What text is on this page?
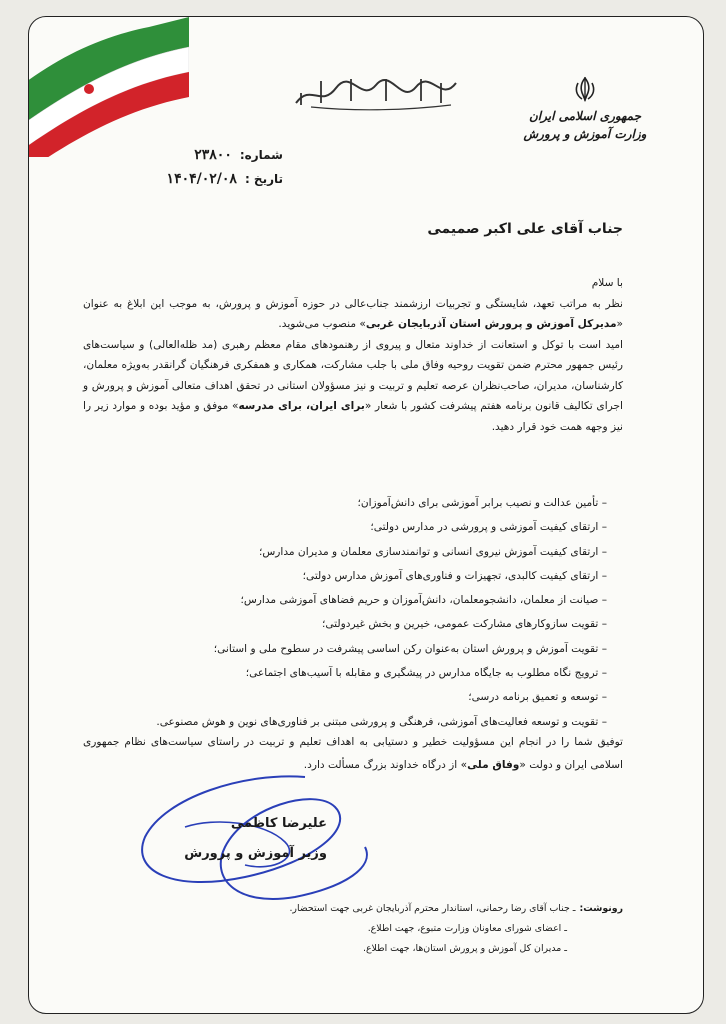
جمهوری اسلامی ایران
وزارت آموزش و پرورش
شماره:
۲۳۸۰۰
تاریخ :
۱۴۰۴/۰۲/۰۸
جناب آقای علی اکبر صمیمی

با سلام

نظر به مراتب تعهد، شایستگی و تجربیات ارزشمند جناب‌عالی در حوزه آموزش و پرورش، به موجب این ابلاغ به عنوان «مدیرکل آموزش و پرورش استان آذربایجان غربی» منصوب می‌شوید.

امید است با توکل و استعانت از خداوند متعال و پیروی از رهنمودهای مقام معظم رهبری (مد ظله‌العالی) و سیاست‌های رئیس جمهور محترم ضمن تقویت روحیه وفاق ملی با جلب مشارکت، همکاری و همفکری فرهنگیان گرانقدر به‌ویژه معلمان، کارشناسان، مدیران، صاحب‌نظران عرصه تعلیم و تربیت و نیز مسؤولان استانی در تحقق اهداف متعالی آموزش و پرورش و اجرای تکالیف قانون برنامه هفتم پیشرفت کشور با شعار «برای ایران، برای مدرسه» موفق و مؤید بوده و موارد زیر را نیز وجهه همت خود قرار دهید.

– تأمین عدالت و نصیب برابر آموزشی برای دانش‌آموزان؛
– ارتقای کیفیت آموزشی و پرورشی در مدارس دولتی؛
– ارتقای کیفیت آموزش نیروی انسانی و توانمندسازی معلمان و مدیران مدارس؛
– ارتقای کیفیت کالبدی، تجهیزات و فناوری‌های آموزش مدارس دولتی؛
– صیانت از معلمان، دانشجومعلمان، دانش‌آموزان و حریم فضاهای آموزشی مدارس؛
– تقویت سازوکارهای مشارکت عمومی، خیرین و بخش غیردولتی؛
– تقویت آموزش و پرورش استان به‌عنوان رکن اساسی پیشرفت در سطوح ملی و استانی؛
– ترویج نگاه مطلوب به جایگاه مدارس در پیشگیری و مقابله با آسیب‌های اجتماعی؛
– توسعه و تعمیق برنامه درسی؛
– تقویت و توسعه فعالیت‌های آموزشی، فرهنگی و پرورشی مبتنی بر فناوری‌های نوین و هوش مصنوعی.
توفیق شما را در انجام این مسؤولیت خطیر و دستیابی به اهداف تعلیم و تربیت در راستای سیاست‌های نظام جمهوری اسلامی ایران و دولت «وفاق ملی» از درگاه خداوند بزرگ مسألت دارد.
علیرضا کاظمی
وزیر آموزش و پرورش
رونوشت:ـ جناب آقای رضا رحمانی، استاندار محترم آذربایجان غربی جهت استحضار.
ـ اعضای شورای معاونان وزارت متبوع، جهت اطلاع.
ـ مدیران کل آموزش و پرورش استان‌ها، جهت اطلاع.
